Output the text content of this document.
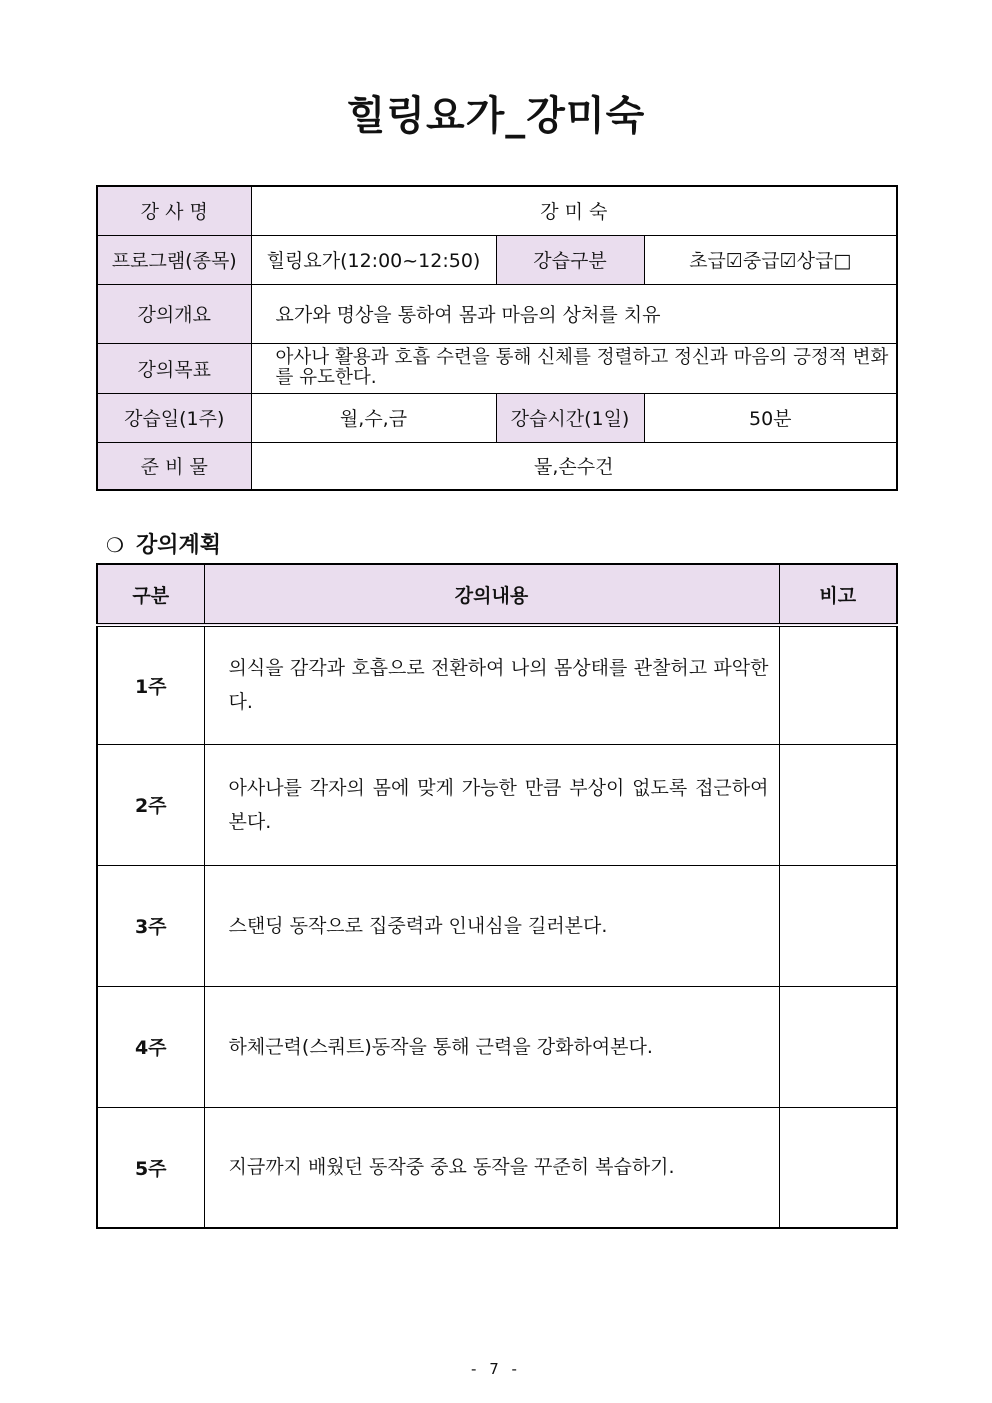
힐링요가_강미숙
강 사 명	강 미 숙		
프로그램(종목)	힐링요가(12:00~12:50)	강습구분	초급☑중급☑상급□
강의개요	요가와 명상을 통하여 몸과 마음의 상처를 치유		
강의목표	아사나 활용과 호흡 수련을 통해 신체를 정렬하고 정신과 마음의 긍정적 변화를 유도한다.		
강습일(1주)	월,수,금	강습시간(1일)	50분
준 비 물	물,손수건		
❍ 강의계획
구분	강의내용	비고
1주	의식을 감각과 호흡으로 전환하여 나의 몸상태를 관찰허고 파악한다.	
2주	아사나를 각자의 몸에 맞게 가능한 만큼 부상이 없도록 접근하여본다.	
3주	스탠딩 동작으로 집중력과 인내심을 길러본다.	
4주	하체근력(스쿼트)동작을 통해 근력을 강화하여본다.	
5주	지금까지 배웠던 동작중 중요 동작을 꾸준히 복습하기.	
- 7 -
